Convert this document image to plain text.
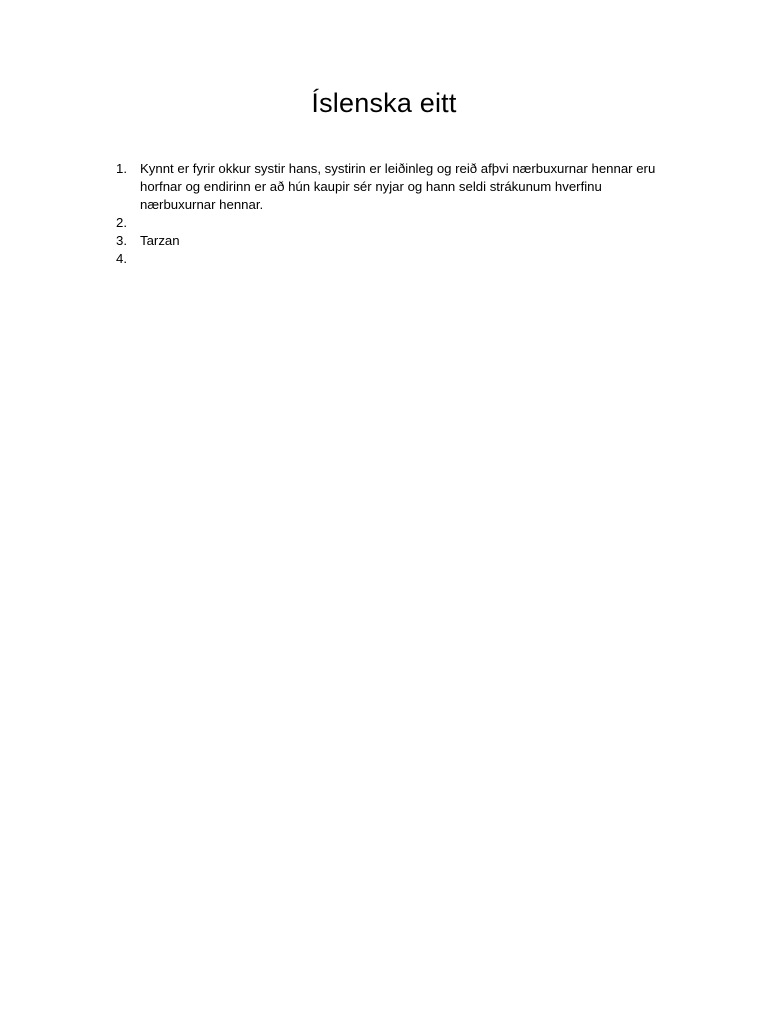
Íslenska eitt
1. Kynnt er fyrir okkur systir hans, systirin er leiðinleg og reið afþvi nærbuxurnar hennar eru horfnar og endirinn er að hún kaupir sér nyjar og hann seldi strákunum hverfinu nærbuxurnar hennar.
2.
3. Tarzan
4.
